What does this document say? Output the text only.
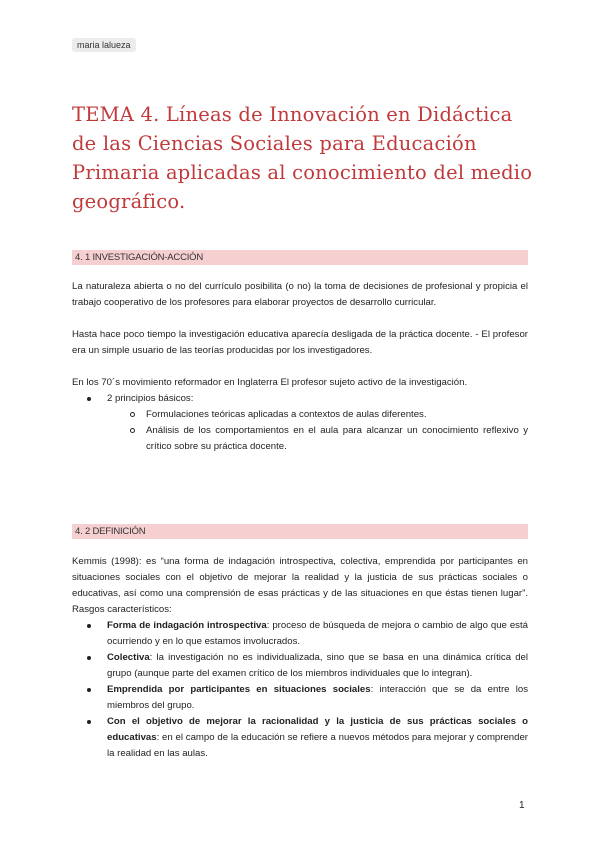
maria lalueza
TEMA 4. Líneas de Innovación en Didáctica de las Ciencias Sociales para Educación Primaria aplicadas al conocimiento del medio geográfico.
4. 1 INVESTIGACIÓN-ACCIÓN

La naturaleza abierta o no del currículo posibilita (o no) la toma de decisiones de profesional y propicia el trabajo cooperativo de los profesores para elaborar proyectos de desarrollo curricular.

Hasta hace poco tiempo la investigación educativa aparecía desligada de la práctica docente. - El profesor era un simple usuario de las teorías producidas por los investigadores.

En los 70´s movimiento reformador en Inglaterra El profesor sujeto activo de la investigación.

2 principios básicos:
Formulaciones teóricas aplicadas a contextos de aulas diferentes.
Análisis de los comportamientos en el aula para alcanzar un conocimiento reflexivo y crítico sobre su práctica docente.
4. 2 DEFINICIÓN

Kemmis (1998): es “una forma de indagación introspectiva, colectiva, emprendida por participantes en situaciones sociales con el objetivo de mejorar la realidad y la justicia de sus prácticas sociales o educativas, así como una comprensión de esas prácticas y de las situaciones en que éstas tienen lugar”. Rasgos característicos:

Forma de indagación introspectiva: proceso de búsqueda de mejora o cambio de algo que está ocurriendo y en lo que estamos involucrados.
Colectiva: la investigación no es individualizada, sino que se basa en una dinámica crítica del grupo (aunque parte del examen crítico de los miembros individuales que lo integran).
Emprendida por participantes en situaciones sociales: interacción que se da entre los miembros del grupo.
Con el objetivo de mejorar la racionalidad y la justicia de sus prácticas sociales o educativas: en el campo de la educación se refiere a nuevos métodos para mejorar y comprender la realidad en las aulas.
1
